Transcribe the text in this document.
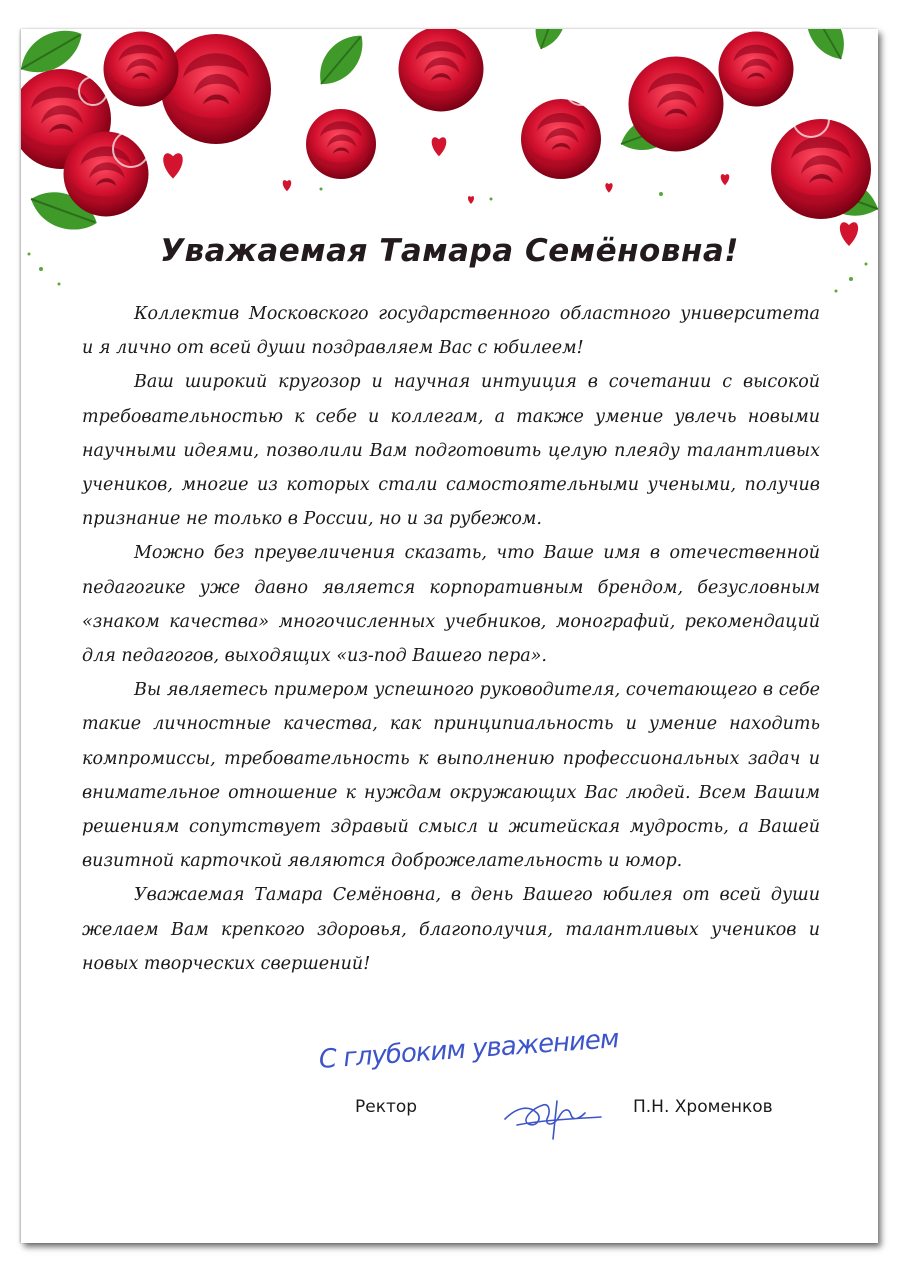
Уважаемая Тамара Семёновна!

Коллектив Московского государственного областного университета и я лично от всей души поздравляем Вас с юбилеем!

Ваш широкий кругозор и научная интуиция в сочетании с высокой требовательностью к себе и коллегам, а также умение увлечь новыми научными идеями, позволили Вам подготовить целую плеяду талантливых учеников, многие из которых стали самостоятельными учеными, получив признание не только в России, но и за рубежом.

Можно без преувеличения сказать, что Ваше имя в отечественной педагогике уже давно является корпоративным брендом, безусловным «знаком качества» многочисленных учебников, монографий, рекомендаций для педагогов, выходящих «из-под Вашего пера».

Вы являетесь примером успешного руководителя, сочетающего в себе такие личностные качества, как принципиальность и умение находить компромиссы, требовательность к выполнению профессиональных задач и внимательное отношение к нуждам окружающих Вас людей. Всем Вашим решениям сопутствует здравый смысл и житейская мудрость, а Вашей визитной карточкой являются доброжелательность и юмор.

Уважаемая Тамара Семёновна, в день Вашего юбилея от всей души желаем Вам крепкого здоровья, благополучия, талантливых учеников и новых творческих свершений!

С глубоким уважением
Ректор	П.Н. Хроменков
